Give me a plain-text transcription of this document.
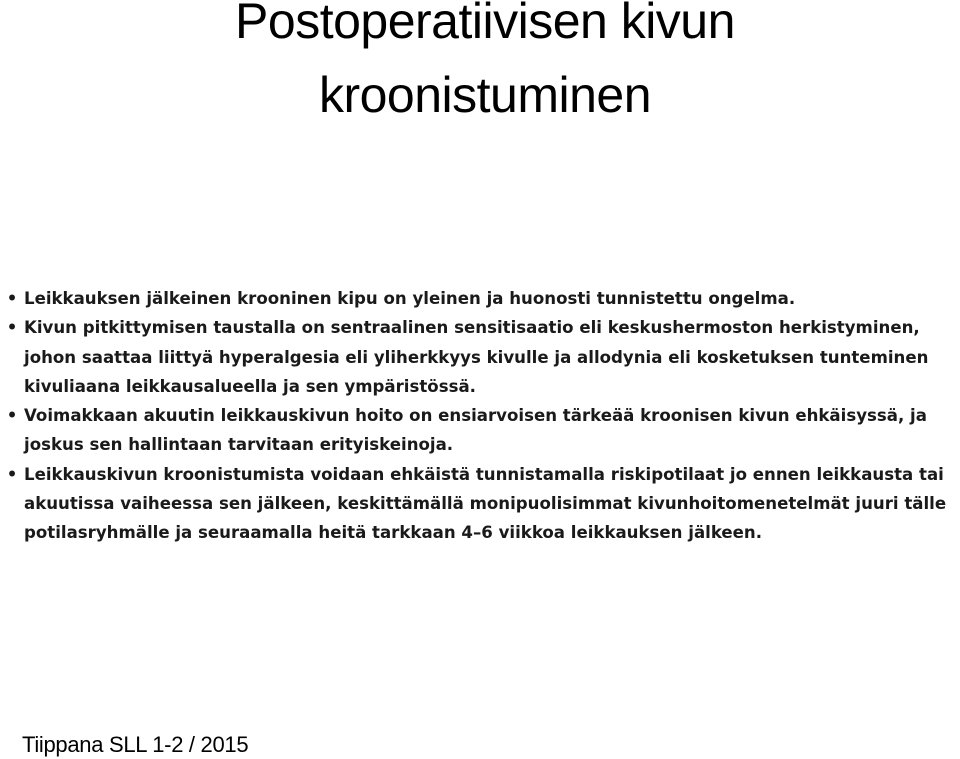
Postoperatiivisen kivun
kroonistuminen
• Leikkauksen jälkeinen krooninen kipu on yleinen ja huonosti tunnistettu ongelma.
• Kivun pitkittymisen taustalla on sentraalinen sensitisaatio eli keskushermoston herkistyminen, johon saattaa liittyä hyperalgesia eli yliherkkyys kivulle ja allodynia eli kosketuksen tunteminen kivuliaana leikkausalueella ja sen ympäristössä.
• Voimakkaan akuutin leikkauskivun hoito on ensiarvoisen tärkeää kroonisen kivun ehkäisyssä, ja joskus sen hallintaan tarvitaan erityiskeinoja.
• Leikkauskivun kroonistumista voidaan ehkäistä tunnistamalla riskipotilaat jo ennen leikkausta tai akuutissa vaiheessa sen jälkeen, keskittämällä monipuolisimmat kivunhoitomenetelmät juuri tälle potilasryhmälle ja seuraamalla heitä tarkkaan 4–6 viikkoa leikkauksen jälkeen.
Tiippana SLL 1-2 / 2015
